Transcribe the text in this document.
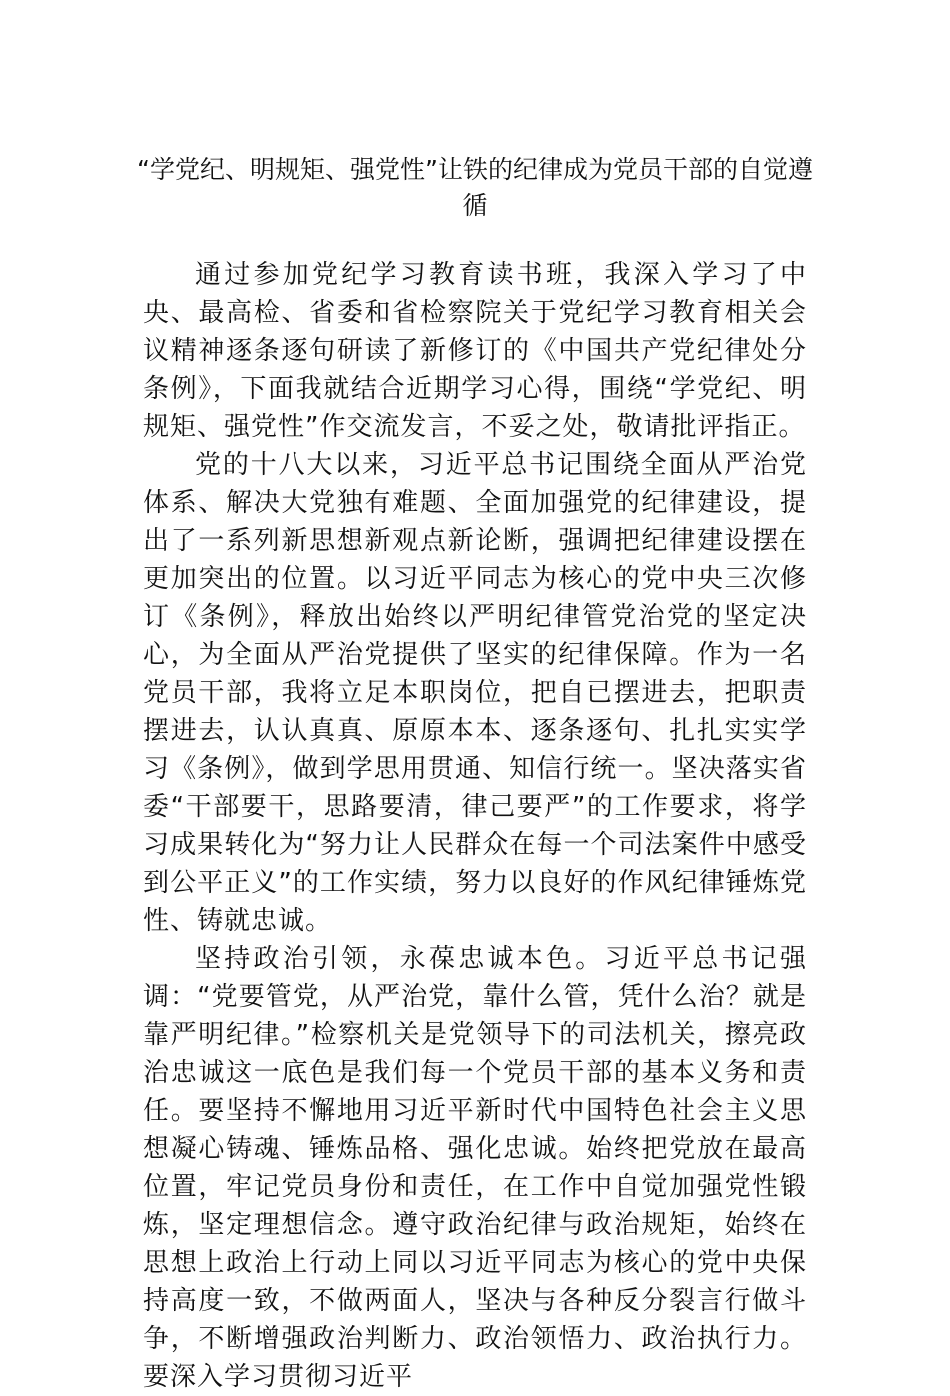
“学党纪、明规矩、强党性”让铁的纪律成为党员干部的自觉遵循

通过参加党纪学习教育读书班，我深入学习了中央、最高检、省委和省检察院关于党纪学习教育相关会议精神逐条逐句研读了新修订的《中国共产党纪律处分条例》，下面我就结合近期学习心得，围绕“学党纪、明规矩、强党性”作交流发言，不妥之处，敬请批评指正。

党的十八大以来，习近平总书记围绕全面从严治党体系、解决大党独有难题、全面加强党的纪律建设，提出了一系列新思想新观点新论断，强调把纪律建设摆在更加突出的位置。以习近平同志为核心的党中央三次修订《条例》，释放出始终以严明纪律管党治党的坚定决心，为全面从严治党提供了坚实的纪律保障。作为一名党员干部，我将立足本职岗位，把自已摆进去，把职责摆进去，认认真真、原原本本、逐条逐句、扎扎实实学习《条例》，做到学思用贯通、知信行统一。坚决落实省委“干部要干，思路要清，律己要严”的工作要求，将学习成果转化为“努力让人民群众在每一个司法案件中感受到公平正义”的工作实绩，努力以良好的作风纪律锤炼党性、铸就忠诚。

坚持政治引领，永葆忠诚本色。习近平总书记强调：“党要管党，从严治党，靠什么管，凭什么治？就是靠严明纪律。”检察机关是党领导下的司法机关，擦亮政治忠诚这一底色是我们每一个党员干部的基本义务和责任。要坚持不懈地用习近平新时代中国特色社会主义思想凝心铸魂、锤炼品格、强化忠诚。始终把党放在最高位置，牢记党员身份和责任，在工作中自觉加强党性锻炼，坚定理想信念。遵守政治纪律与政治规矩，始终在思想上政治上行动上同以习近平同志为核心的党中央保持高度一致，不做两面人，坚决与各种反分裂言行做斗争，不断增强政治判断力、政治领悟力、政治执行力。要深入学习贯彻习近平
